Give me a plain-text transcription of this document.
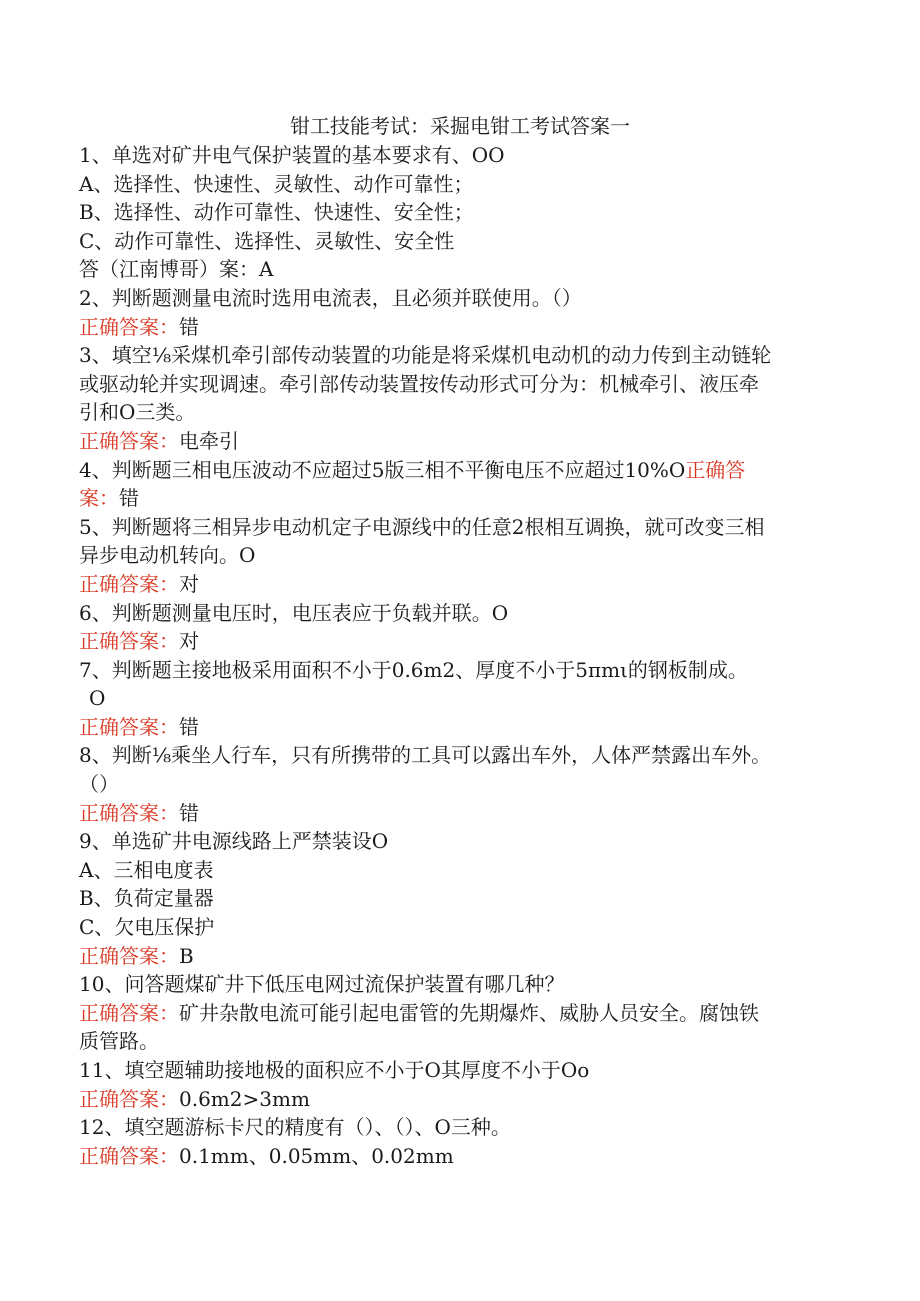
钳工技能考试：采掘电钳工考试答案一
1、单选对矿井电气保护装置的基本要求有、OO
A、选择性、快速性、灵敏性、动作可靠性；
B、选择性、动作可靠性、快速性、安全性；
C、动作可靠性、选择性、灵敏性、安全性
答（江南博哥）案：A
2、判断题测量电流时选用电流表，且必须并联使用。（）
正确答案：错
3、填空⅛采煤机牵引部传动装置的功能是将采煤机电动机的动力传到主动链轮
或驱动轮并实现调速。牵引部传动装置按传动形式可分为：机械牵引、液压牵
引和O三类。
正确答案：电牵引
4、判断题三相电压波动不应超过5版三相不平衡电压不应超过10%O正确答
案：错
5、判断题将三相异步电动机定子电源线中的任意2根相互调换，就可改变三相
异步电动机转向。O
正确答案：对
6、判断题测量电压时，电压表应于负载并联。O
正确答案：对
7、判断题主接地极采用面积不小于0.6m2、厚度不小于5πmι的钢板制成。
O
正确答案：错
8、判断⅛乘坐人行车，只有所携带的工具可以露出车外，人体严禁露出车外。
（）
正确答案：错
9、单选矿井电源线路上严禁装设O
A、三相电度表
B、负荷定量器
C、欠电压保护
正确答案：B
10、问答题煤矿井下低压电网过流保护装置有哪几种？
正确答案：矿井杂散电流可能引起电雷管的先期爆炸、威胁人员安全。腐蚀铁
质管路。
11、填空题辅助接地极的面积应不小于O其厚度不小于Oo
正确答案：0.6m2>3mm
12、填空题游标卡尺的精度有（）、（）、O三种。
正确答案：0.1mm、0.05mm、0.02mm
